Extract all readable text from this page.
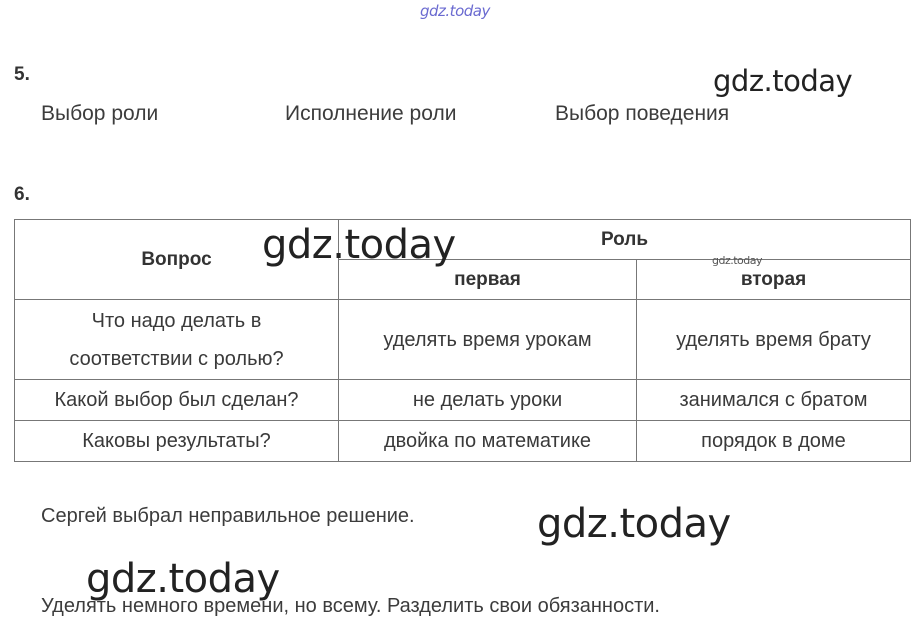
gdz.today
5.	gdz.today
Выбор роли	Исполнение роли	Выбор поведения
6.
Вопрос	Роль	
	первая	вторая

Что надо делать в
соответствии с ролью?	уделять время урокам	уделять время брату
Какой выбор был сделан?	не делать уроки	занимался с братом
Каковы результаты?	двойка по математике	порядок в доме
gdz.today	gdz.today
Сергей выбрал неправильное решение.	gdz.today
gdz.today
Уделять немного времени, но всему. Разделить свои обязанности.
